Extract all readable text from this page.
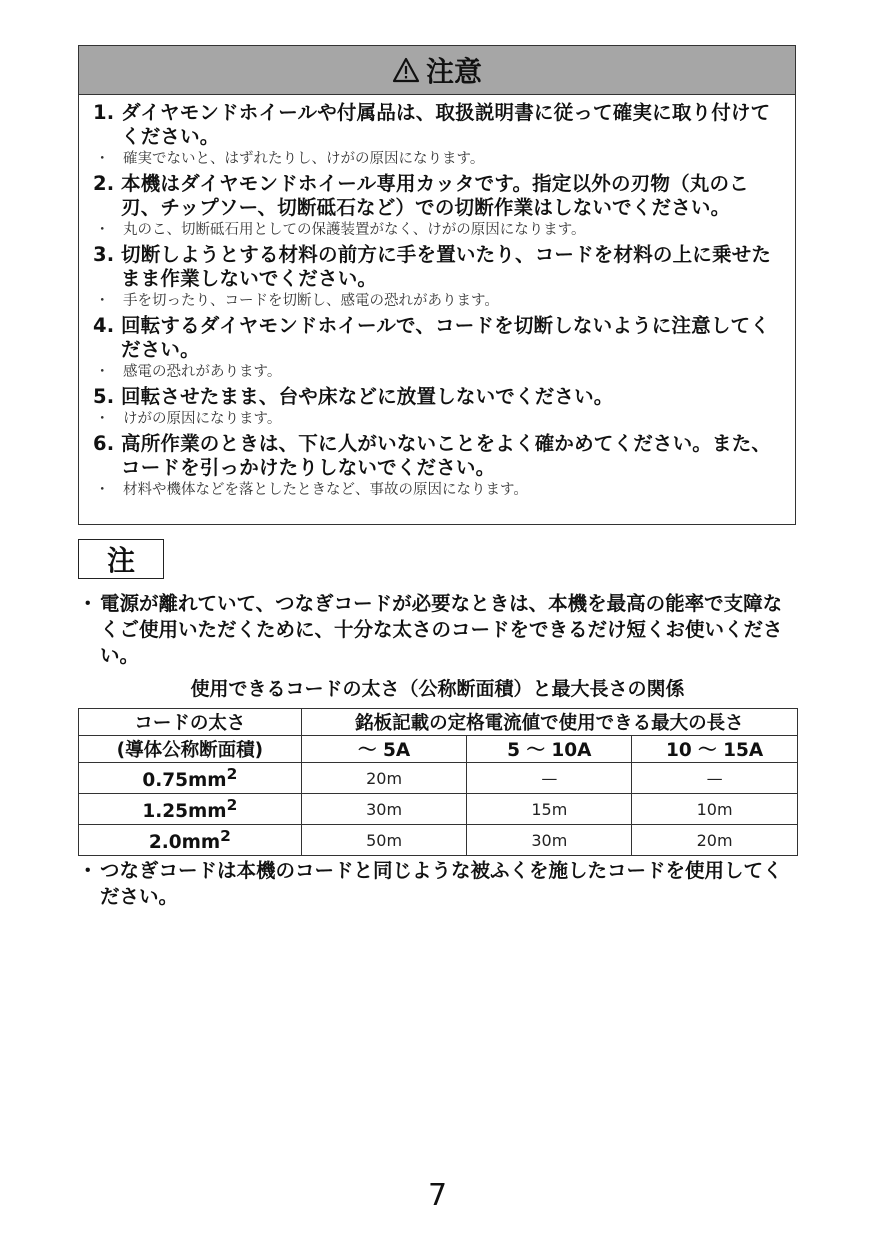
注意
1. ダイヤモンドホイールや付属品は、取扱説明書に従って確実に取り付けてください。
・ 確実でないと、はずれたりし、けがの原因になります。
2. 本機はダイヤモンドホイール専用カッタです。指定以外の刃物（丸のこ刃、チップソー、切断砥石など）での切断作業はしないでください。
・ 丸のこ、切断砥石用としての保護装置がなく、けがの原因になります。
3. 切断しようとする材料の前方に手を置いたり、コードを材料の上に乗せたまま作業しないでください。
・ 手を切ったり、コードを切断し、感電の恐れがあります。
4. 回転するダイヤモンドホイールで、コードを切断しないように注意してください。
・ 感電の恐れがあります。
5. 回転させたまま、台や床などに放置しないでください。
・ けがの原因になります。
6. 高所作業のときは、下に人がいないことをよく確かめてください。また、コードを引っかけたりしないでください。
・ 材料や機体などを落としたときなど、事故の原因になります。
注
・ 電源が離れていて、つなぎコードが必要なときは、本機を最高の能率で支障なくご使用いただくために、十分な太さのコードをできるだけ短くお使いください。
使用できるコードの太さ（公称断面積）と最大長さの関係
コードの太さ	銘板記載の定格電流値で使用できる最大の長さ		
(導体公称断面積)	～ 5A	5 ～ 10A	10 ～ 15A
$0.75mm^2$	20m	—	—
$1.25mm^2$	30m	15m	10m
$2.0mm^2$	50m	30m	20m
・ つなぎコードは本機のコードと同じような被ふくを施したコードを使用してください。
7
